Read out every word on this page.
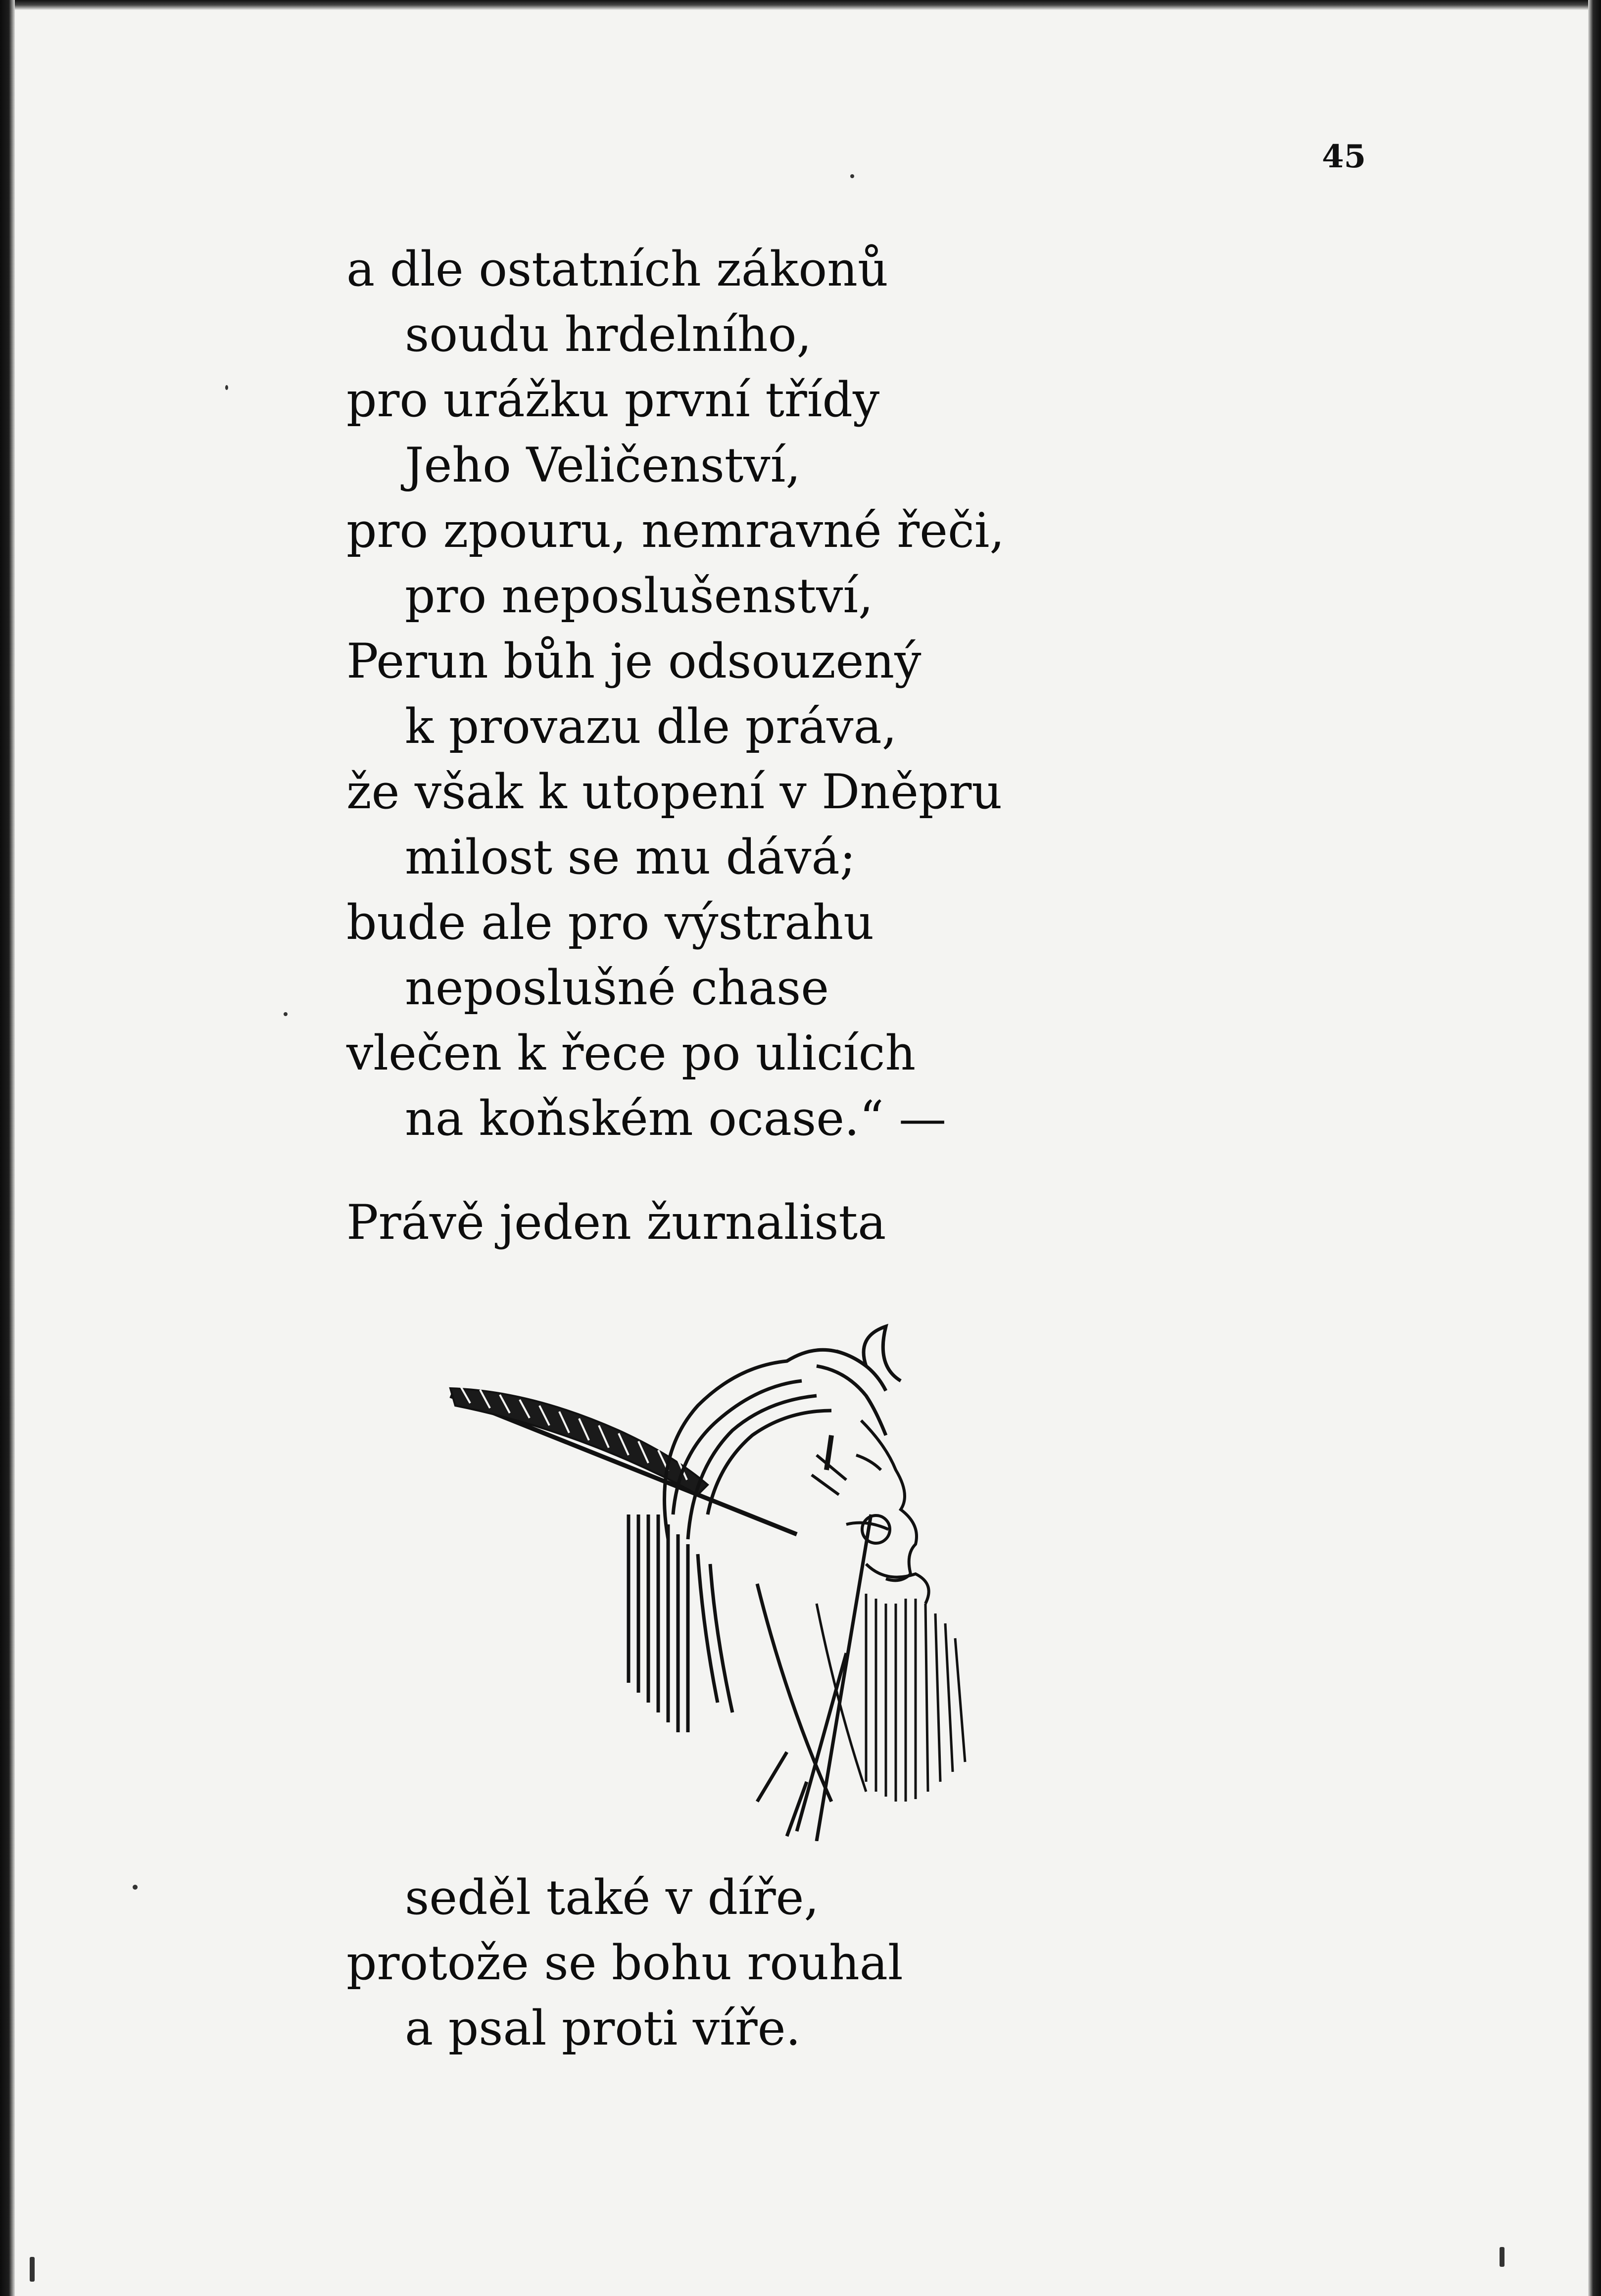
45
a dle ostatních zákonů
soudu hrdelního,
pro urážku první třídy
Jeho Veličenství,
pro zpouru, nemravné řeči,
pro neposlušenství,
Perun bůh je odsouzený
k provazu dle práva,
že však k utopení v Dněpru
milost se mu dává;
bude ale pro výstrahu
neposlušné chase
vlečen k řece po ulicích
na koňském ocase.“ —
Právě jeden žurnalista
seděl také v díře,
protože se bohu rouhal
a psal proti víře.
